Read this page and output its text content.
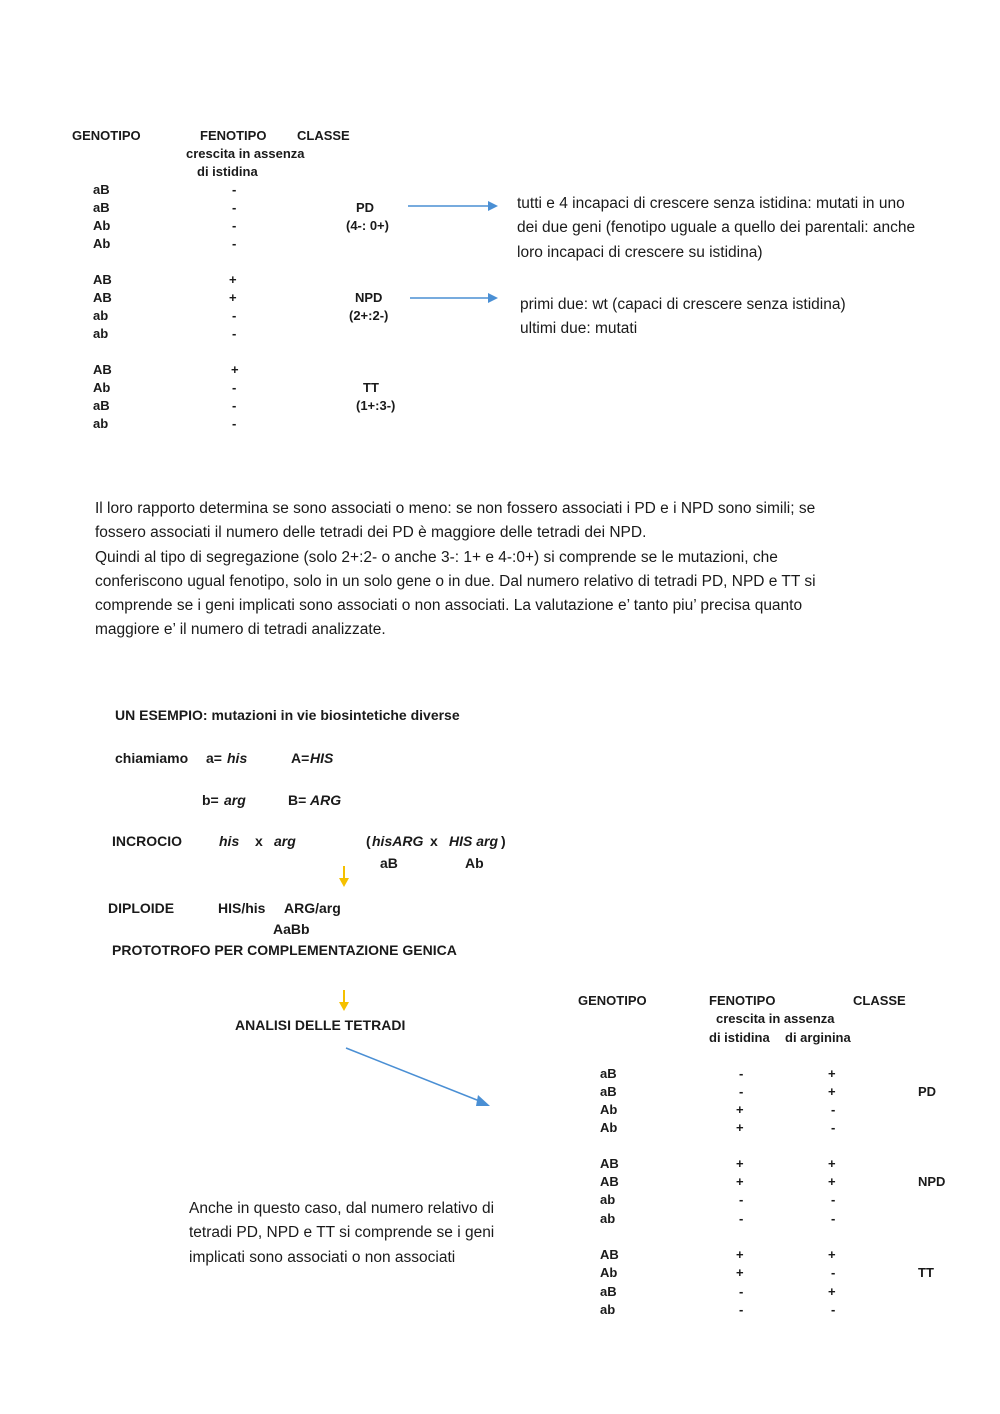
GENOTIPO	FENOTIPO
crescita in assenza
di istidina
CLASSE
aB	-
aB	-
Ab	-
Ab	-
PD
(4-: 0+)
AB	+
AB	+
ab	-
ab	-
NPD
(2+:2-)
AB	+
Ab	-
aB	-
ab	-
TT
(1+:3-)
tutti e 4 incapaci di crescere senza istidina: mutati in uno
dei due geni (fenotipo uguale a quello dei parentali: anche
loro incapaci di crescere su istidina)
primi due: wt (capaci di crescere senza istidina)
ultimi due: mutati
Il loro rapporto determina se sono associati o meno: se non fossero associati i PD e i NPD sono simili; se
fossero associati il numero delle tetradi dei PD è maggiore delle tetradi dei NPD.
Quindi al tipo di segregazione (solo 2+:2- o anche 3-: 1+ e 4-:0+) si comprende se le mutazioni, che
conferiscono ugual fenotipo, solo in un solo gene o in due. Dal numero relativo di tetradi PD, NPD e TT si
comprende se i geni implicati sono associati o non associati. La valutazione e’ tanto piu’ precisa quanto
maggiore e’ il numero di tetradi analizzate.
UN ESEMPIO: mutazioni in vie biosintetiche diverse
chiamiamo a= his	A= HIS
b= arg	B= ARG
INCROCIO	his x arg	( hisARG x HIS arg )
aB	Ab
DIPLOIDE	HIS/his ARG/arg
AaBb
PROTOTROFO PER COMPLEMENTAZIONE GENICA
ANALISI DELLE TETRADI
Anche in questo caso, dal numero relativo di
tetradi PD, NPD e TT si comprende se i geni
implicati sono associati o non associati
GENOTIPO	FENOTIPO
crescita in assenza
di istidina di arginina
CLASSE
aB	-	+
aB	-	+
Ab	+	-
Ab	+	-
PD
AB	+	+
AB	+	+
ab	-	-
ab	-	-
NPD
AB	+	+
Ab	+	-
aB	-	+
ab	-	-
TT
